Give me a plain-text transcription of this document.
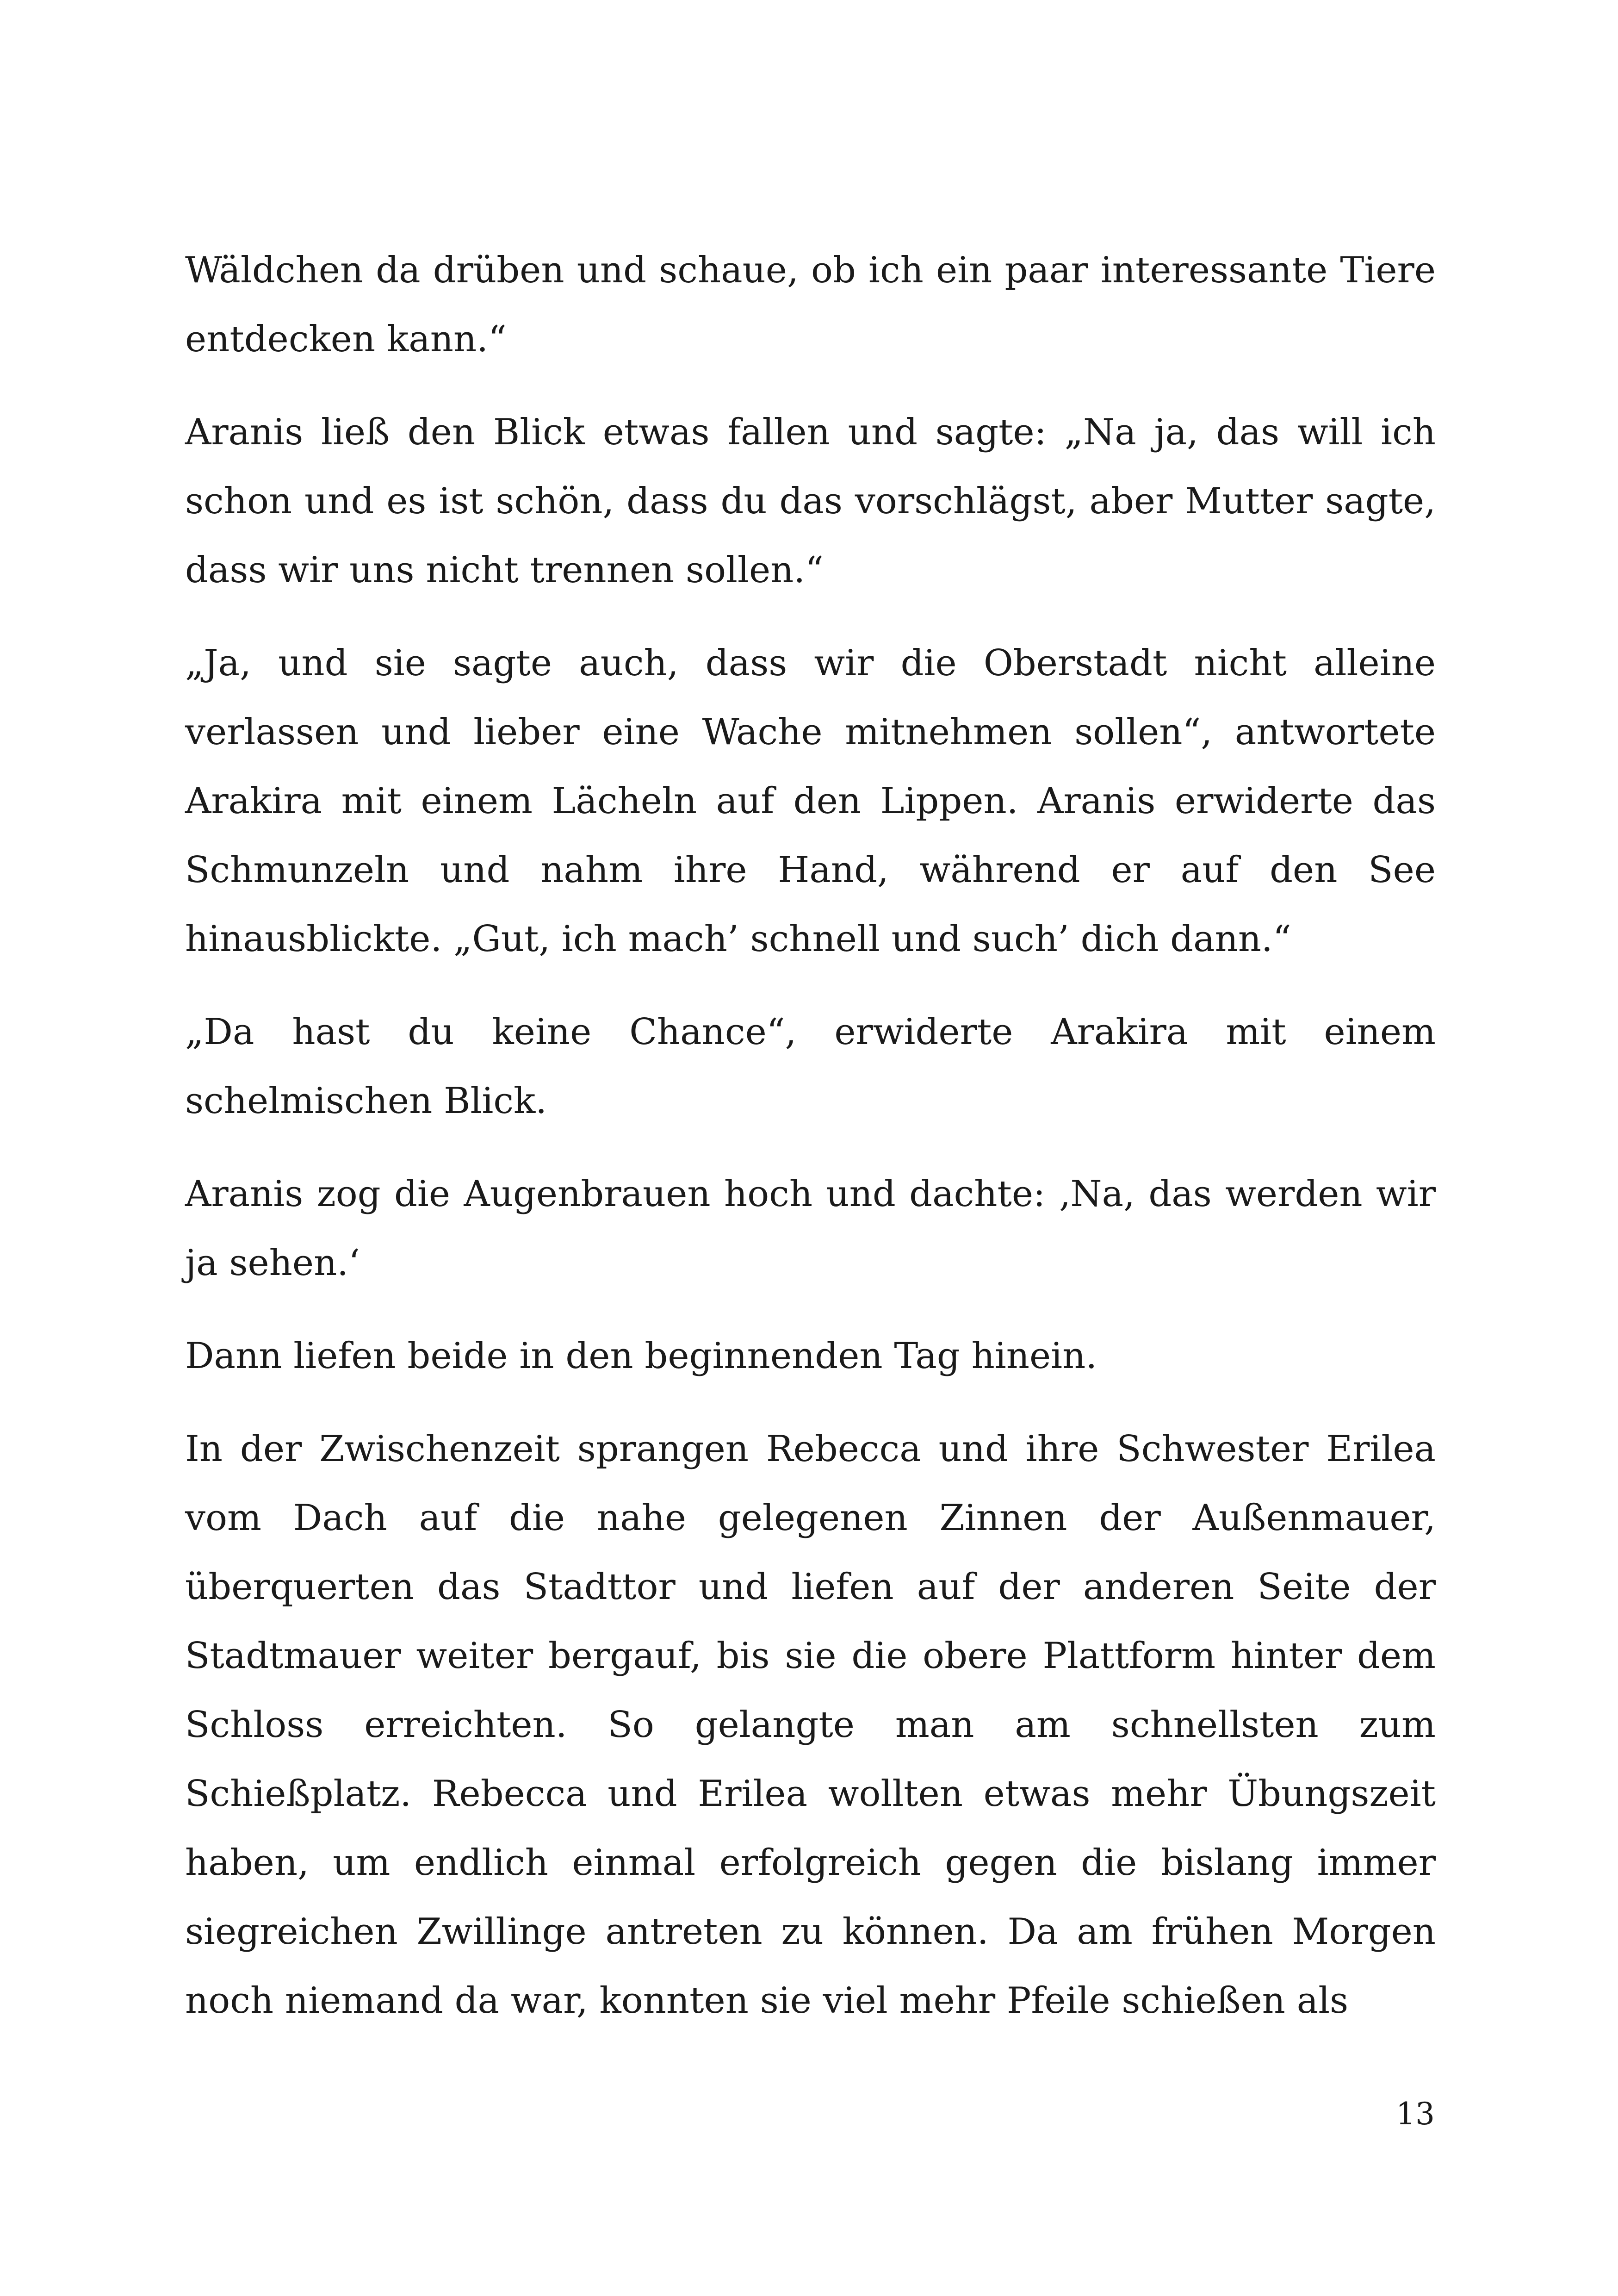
Wäldchen da drüben und schaue, ob ich ein paar interessante Tiere entdecken kann.“

Aranis ließ den Blick etwas fallen und sagte: „Na ja, das will ich schon und es ist schön, dass du das vorschlägst, aber Mutter sagte, dass wir uns nicht trennen sollen.“

„Ja, und sie sagte auch, dass wir die Oberstadt nicht alleine verlassen und lieber eine Wache mitnehmen sollen“, antwortete Arakira mit einem Lächeln auf den Lippen. Aranis erwiderte das Schmunzeln und nahm ihre Hand, während er auf den See hinausblickte. „Gut, ich mach’ schnell und such’ dich dann.“

„Da hast du keine Chance“, erwiderte Arakira mit einem schelmischen Blick.

Aranis zog die Augenbrauen hoch und dachte: ‚Na, das werden wir ja sehen.‘

Dann liefen beide in den beginnenden Tag hinein.

In der Zwischenzeit sprangen Rebecca und ihre Schwester Erilea vom Dach auf die nahe gelegenen Zinnen der Außenmauer, überquerten das Stadttor und liefen auf der anderen Seite der Stadtmauer weiter bergauf, bis sie die obere Plattform hinter dem Schloss erreichten. So gelangte man am schnellsten zum Schießplatz. Rebecca und Erilea wollten etwas mehr Übungszeit haben, um endlich einmal erfolgreich gegen die bislang immer siegreichen Zwillinge antreten zu können. Da am frühen Morgen noch niemand da war, konnten sie viel mehr Pfeile schießen als

13
